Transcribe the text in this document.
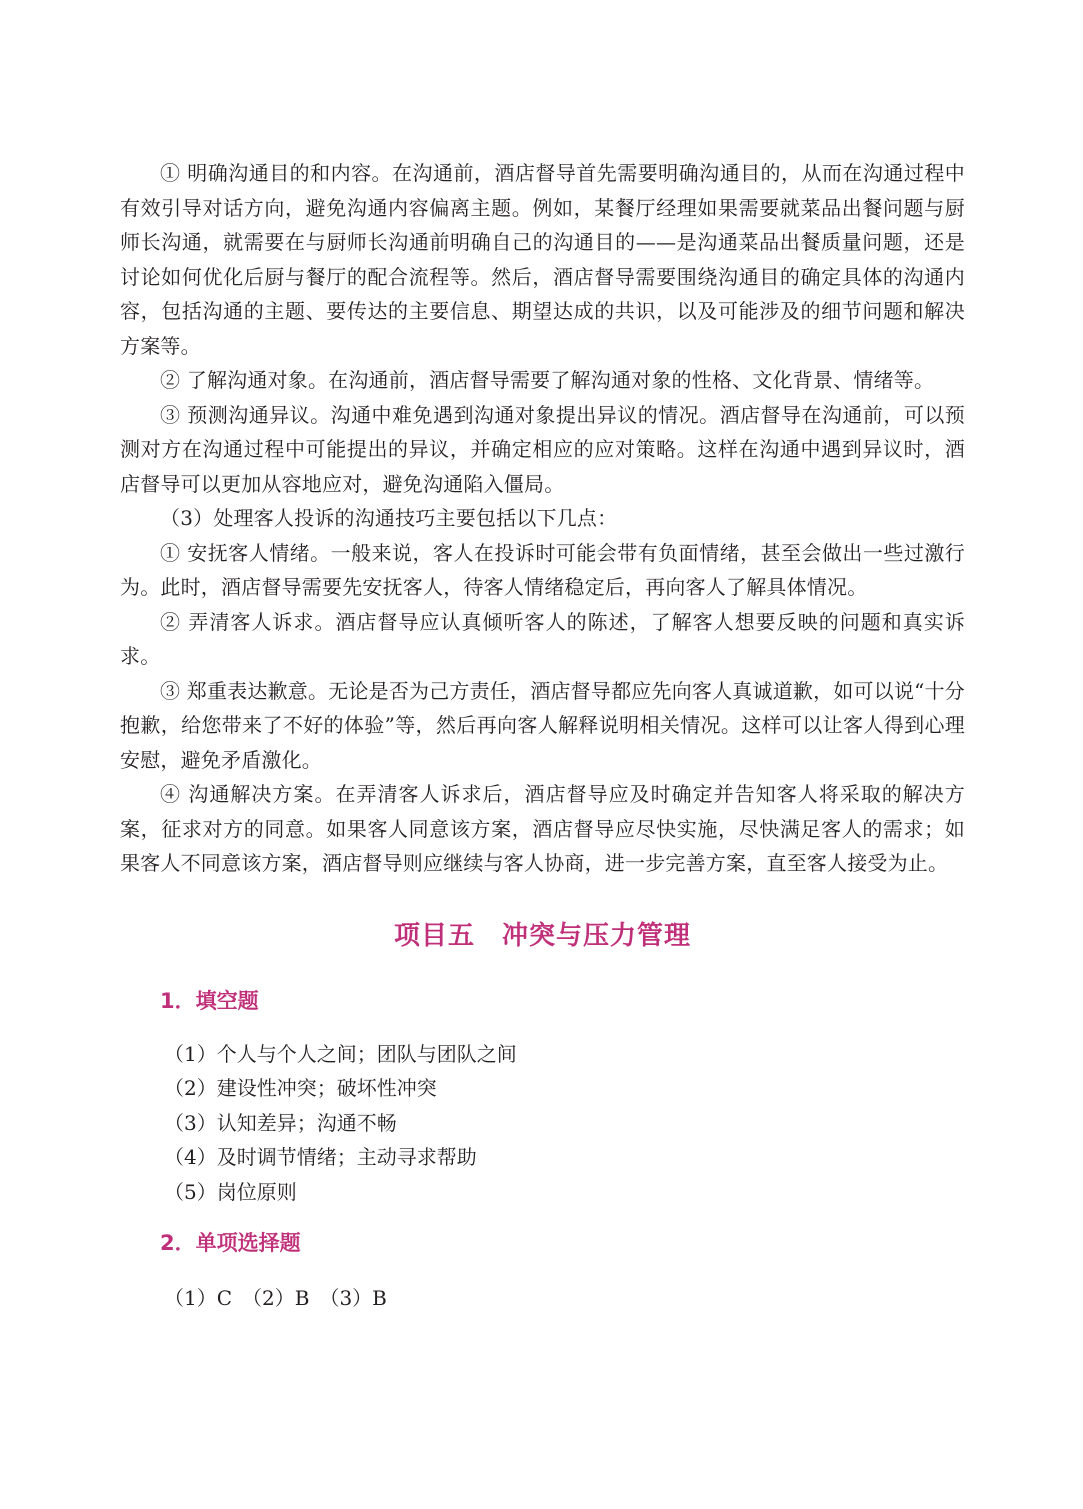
① 明确沟通目的和内容。在沟通前，酒店督导首先需要明确沟通目的，从而在沟通过程中有效引导对话方向，避免沟通内容偏离主题。例如，某餐厅经理如果需要就菜品出餐问题与厨师长沟通，就需要在与厨师长沟通前明确自己的沟通目的——是沟通菜品出餐质量问题，还是讨论如何优化后厨与餐厅的配合流程等。然后，酒店督导需要围绕沟通目的确定具体的沟通内容，包括沟通的主题、要传达的主要信息、期望达成的共识，以及可能涉及的细节问题和解决方案等。

② 了解沟通对象。在沟通前，酒店督导需要了解沟通对象的性格、文化背景、情绪等。

③ 预测沟通异议。沟通中难免遇到沟通对象提出异议的情况。酒店督导在沟通前，可以预测对方在沟通过程中可能提出的异议，并确定相应的应对策略。这样在沟通中遇到异议时，酒店督导可以更加从容地应对，避免沟通陷入僵局。

（3）处理客人投诉的沟通技巧主要包括以下几点：

① 安抚客人情绪。一般来说，客人在投诉时可能会带有负面情绪，甚至会做出一些过激行为。此时，酒店督导需要先安抚客人，待客人情绪稳定后，再向客人了解具体情况。

② 弄清客人诉求。酒店督导应认真倾听客人的陈述，了解客人想要反映的问题和真实诉求。

③ 郑重表达歉意。无论是否为己方责任，酒店督导都应先向客人真诚道歉，如可以说“十分抱歉，给您带来了不好的体验”等，然后再向客人解释说明相关情况。这样可以让客人得到心理安慰，避免矛盾激化。

④ 沟通解决方案。在弄清客人诉求后，酒店督导应及时确定并告知客人将采取的解决方案，征求对方的同意。如果客人同意该方案，酒店督导应尽快实施，尽快满足客人的需求；如果客人不同意该方案，酒店督导则应继续与客人协商，进一步完善方案，直至客人接受为止。

项目五　冲突与压力管理
1．填空题

（1）个人与个人之间；团队与团队之间

（2）建设性冲突；破坏性冲突

（3）认知差异；沟通不畅

（4）及时调节情绪；主动寻求帮助

（5）岗位原则

2．单项选择题

（1）C　（2）B　（3）B
